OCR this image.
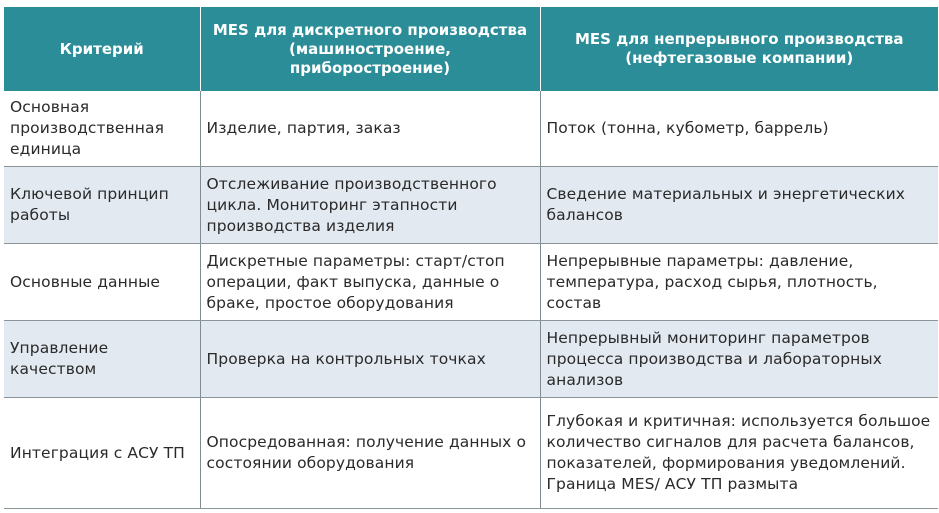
Критерий	MES для дискретного производства (машиностроение, приборостроение)	MES для непрерывного производства (нефтегазовые компании)
Основная производственная единица	Изделие, партия, заказ	Поток (тонна, кубометр, баррель)
Ключевой принцип работы	Отслеживание производственного цикла. Мониторинг этапности производства изделия	Сведение материальных и энергетических балансов
Основные данные	Дискретные параметры: старт/стоп операции, факт выпуска, данные о браке, простое оборудования	Непрерывные параметры: давление, температура, расход сырья, плотность, состав
Управление качеством	Проверка на контрольных точках	Непрерывный мониторинг параметров процесса производства и лабораторных анализов
Интеграция с АСУ ТП	Опосредованная: получение данных о состоянии оборудования	Глубокая и критичная: используется большое количество сигналов для расчета балансов, показателей, формирования уведомлений. Граница MES/ АСУ ТП размыта
